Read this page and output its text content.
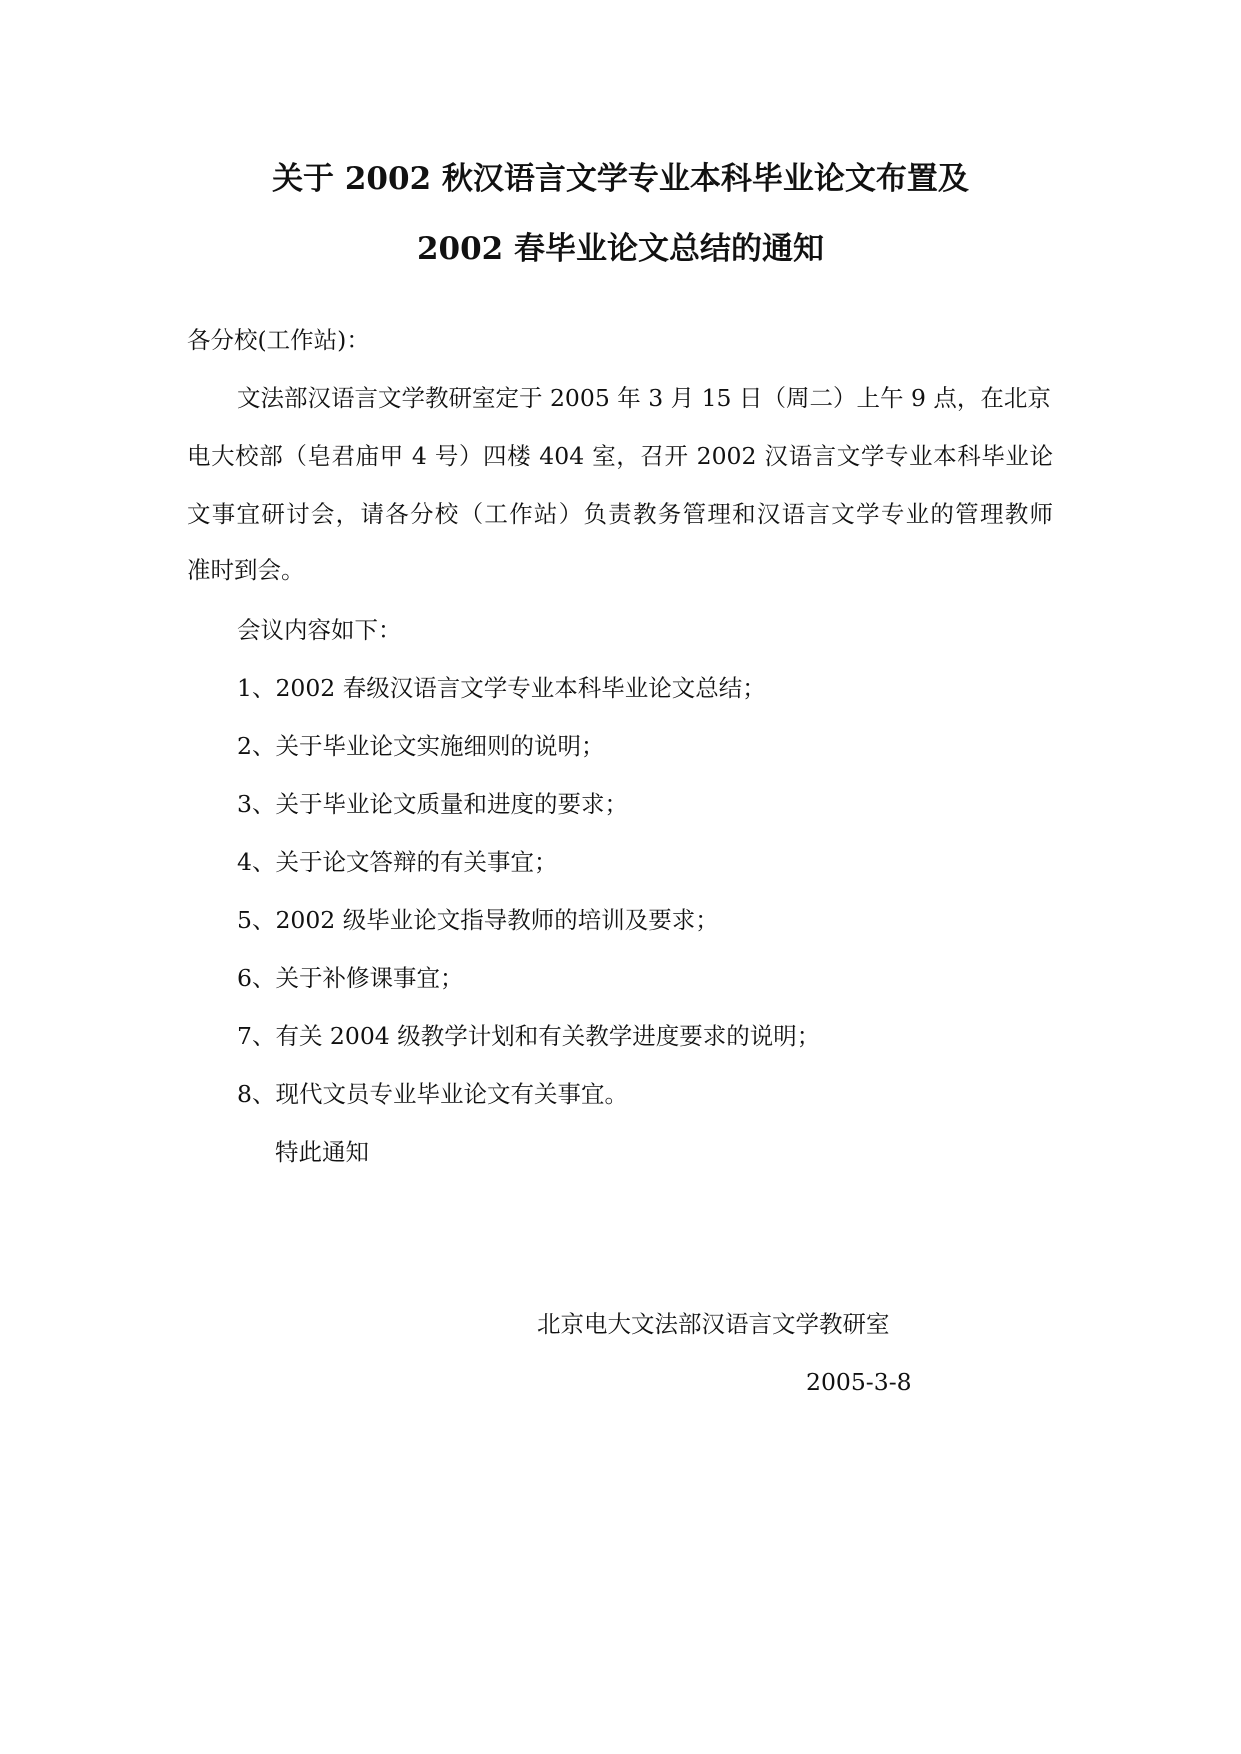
关于 2002 秋汉语言文学专业本科毕业论文布置及
2002 春毕业论文总结的通知
各分校(工作站)：
文法部汉语言文学教研室定于 2005 年 3 月 15 日（周二）上午 9 点，在北京
电大校部（皂君庙甲 4 号）四楼 404 室，召开 2002 汉语言文学专业本科毕业论
文事宜研讨会，请各分校（工作站）负责教务管理和汉语言文学专业的管理教师
准时到会。
会议内容如下：
1、2002 春级汉语言文学专业本科毕业论文总结；
2、关于毕业论文实施细则的说明；
3、关于毕业论文质量和进度的要求；
4、关于论文答辩的有关事宜；
5、2002 级毕业论文指导教师的培训及要求；
6、关于补修课事宜；
7、有关 2004 级教学计划和有关教学进度要求的说明；
8、现代文员专业毕业论文有关事宜。
特此通知
北京电大文法部汉语言文学教研室
2005-3-8
